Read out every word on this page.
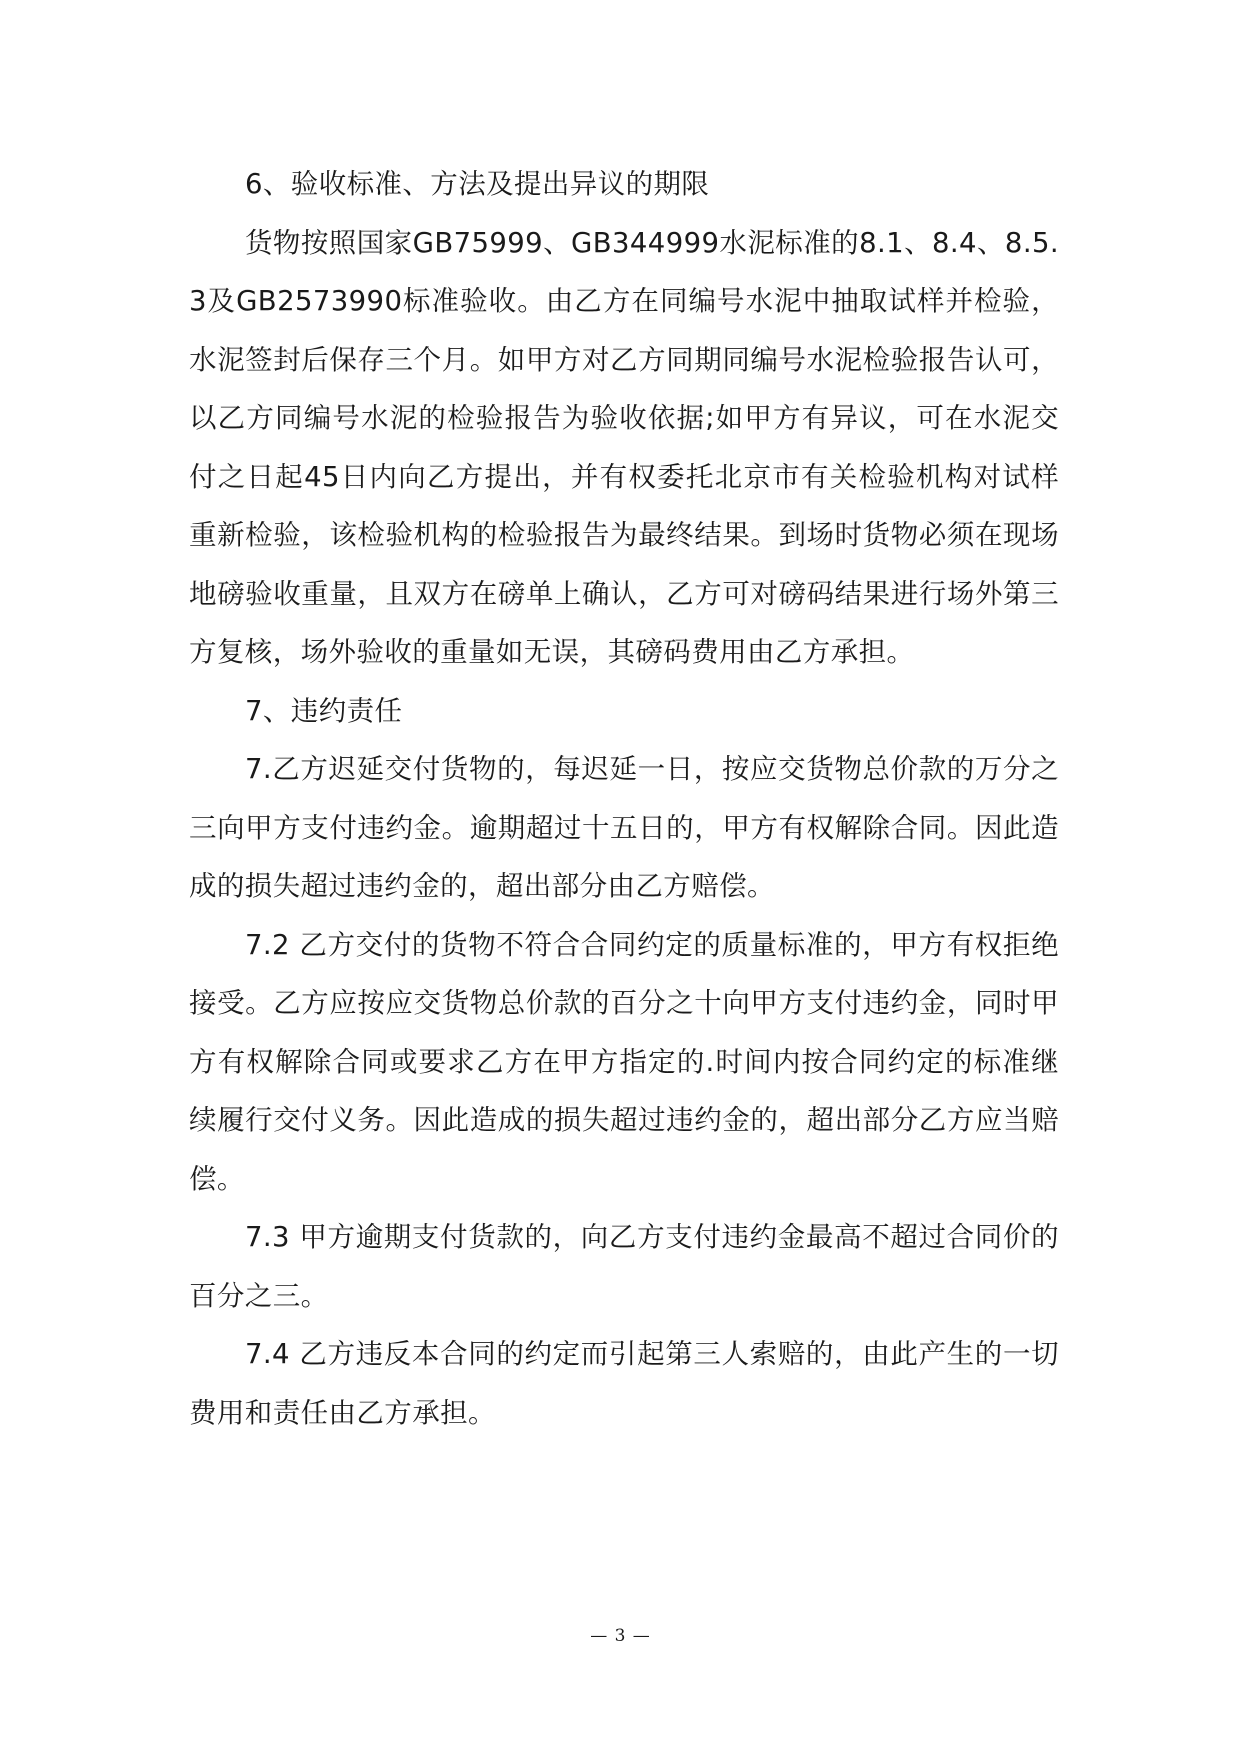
6、验收标准、方法及提出异议的期限

货物按照国家GB75999、GB344999水泥标准的8.1、8.4、8.5.3及GB2573990标准验收。由乙方在同编号水泥中抽取试样并检验，水泥签封后保存三个月。如甲方对乙方同期同编号水泥检验报告认可，以乙方同编号水泥的检验报告为验收依据;如甲方有异议，可在水泥交付之日起45日内向乙方提出，并有权委托北京市有关检验机构对试样重新检验，该检验机构的检验报告为最终结果。到场时货物必须在现场地磅验收重量，且双方在磅单上确认，乙方可对磅码结果进行场外第三方复核，场外验收的重量如无误，其磅码费用由乙方承担。

7、违约责任

7.乙方迟延交付货物的，每迟延一日，按应交货物总价款的万分之三向甲方支付违约金。逾期超过十五日的，甲方有权解除合同。因此造成的损失超过违约金的，超出部分由乙方赔偿。

7.2 乙方交付的货物不符合合同约定的质量标准的，甲方有权拒绝接受。乙方应按应交货物总价款的百分之十向甲方支付违约金，同时甲方有权解除合同或要求乙方在甲方指定的.时间内按合同约定的标准继续履行交付义务。因此造成的损失超过违约金的，超出部分乙方应当赔偿。

7.3 甲方逾期支付货款的，向乙方支付违约金最高不超过合同价的百分之三。

7.4 乙方违反本合同的约定而引起第三人索赔的，由此产生的一切费用和责任由乙方承担。

— 3 —
